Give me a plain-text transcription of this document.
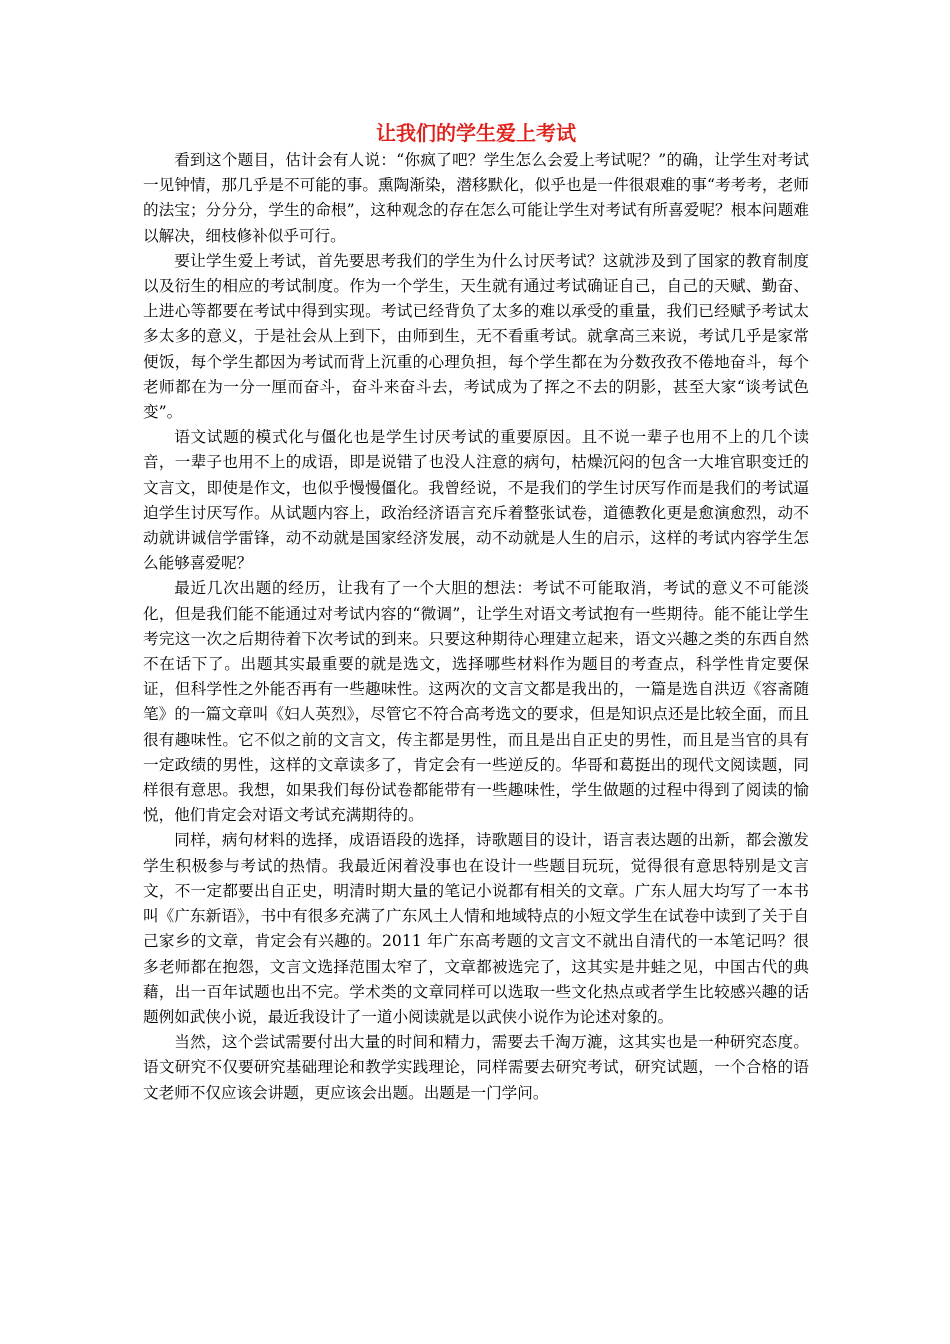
让我们的学生爱上考试

看到这个题目，估计会有人说：“你疯了吧？学生怎么会爱上考试呢？”的确，让学生对考试一见钟情，那几乎是不可能的事。熏陶渐染，潜移默化，似乎也是一件很艰难的事“考考考，老师的法宝；分分分，学生的命根”，这种观念的存在怎么可能让学生对考试有所喜爱呢？根本问题难以解决，细枝修补似乎可行。

要让学生爱上考试，首先要思考我们的学生为什么讨厌考试？这就涉及到了国家的教育制度以及衍生的相应的考试制度。作为一个学生，天生就有通过考试确证自己，自己的天赋、勤奋、上进心等都要在考试中得到实现。考试已经背负了太多的难以承受的重量，我们已经赋予考试太多太多的意义，于是社会从上到下，由师到生，无不看重考试。就拿高三来说，考试几乎是家常便饭，每个学生都因为考试而背上沉重的心理负担，每个学生都在为分数孜孜不倦地奋斗，每个老师都在为一分一厘而奋斗，奋斗来奋斗去，考试成为了挥之不去的阴影，甚至大家“谈考试色变”。

语文试题的模式化与僵化也是学生讨厌考试的重要原因。且不说一辈子也用不上的几个读音，一辈子也用不上的成语，即是说错了也没人注意的病句，枯燥沉闷的包含一大堆官职变迁的文言文，即使是作文，也似乎慢慢僵化。我曾经说，不是我们的学生讨厌写作而是我们的考试逼迫学生讨厌写作。从试题内容上，政治经济语言充斥着整张试卷，道德教化更是愈演愈烈，动不动就讲诚信学雷锋，动不动就是国家经济发展，动不动就是人生的启示，这样的考试内容学生怎么能够喜爱呢？

最近几次出题的经历，让我有了一个大胆的想法：考试不可能取消，考试的意义不可能淡化，但是我们能不能通过对考试内容的“微调”，让学生对语文考试抱有一些期待。能不能让学生考完这一次之后期待着下次考试的到来。只要这种期待心理建立起来，语文兴趣之类的东西自然不在话下了。出题其实最重要的就是选文，选择哪些材料作为题目的考查点，科学性肯定要保证，但科学性之外能否再有一些趣味性。这两次的文言文都是我出的，一篇是选自洪迈《容斋随笔》的一篇文章叫《妇人英烈》，尽管它不符合高考选文的要求，但是知识点还是比较全面，而且很有趣味性。它不似之前的文言文，传主都是男性，而且是出自正史的男性，而且是当官的具有一定政绩的男性，这样的文章读多了，肯定会有一些逆反的。华哥和葛挺出的现代文阅读题，同样很有意思。我想，如果我们每份试卷都能带有一些趣味性，学生做题的过程中得到了阅读的愉悦，他们肯定会对语文考试充满期待的。

同样，病句材料的选择，成语语段的选择，诗歌题目的设计，语言表达题的出新，都会激发学生积极参与考试的热情。我最近闲着没事也在设计一些题目玩玩，觉得很有意思特别是文言文，不一定都要出自正史，明清时期大量的笔记小说都有相关的文章。广东人屈大均写了一本书叫《广东新语》，书中有很多充满了广东风土人情和地域特点的小短文学生在试卷中读到了关于自己家乡的文章，肯定会有兴趣的。2011 年广东高考题的文言文不就出自清代的一本笔记吗？很多老师都在抱怨，文言文选择范围太窄了，文章都被选完了，这其实是井蛙之见，中国古代的典藉，出一百年试题也出不完。学术类的文章同样可以选取一些文化热点或者学生比较感兴趣的话题例如武侠小说，最近我设计了一道小阅读就是以武侠小说作为论述对象的。

当然，这个尝试需要付出大量的时间和精力，需要去千淘万漉，这其实也是一种研究态度。语文研究不仅要研究基础理论和教学实践理论，同样需要去研究考试，研究试题，一个合格的语文老师不仅应该会讲题，更应该会出题。出题是一门学问。
